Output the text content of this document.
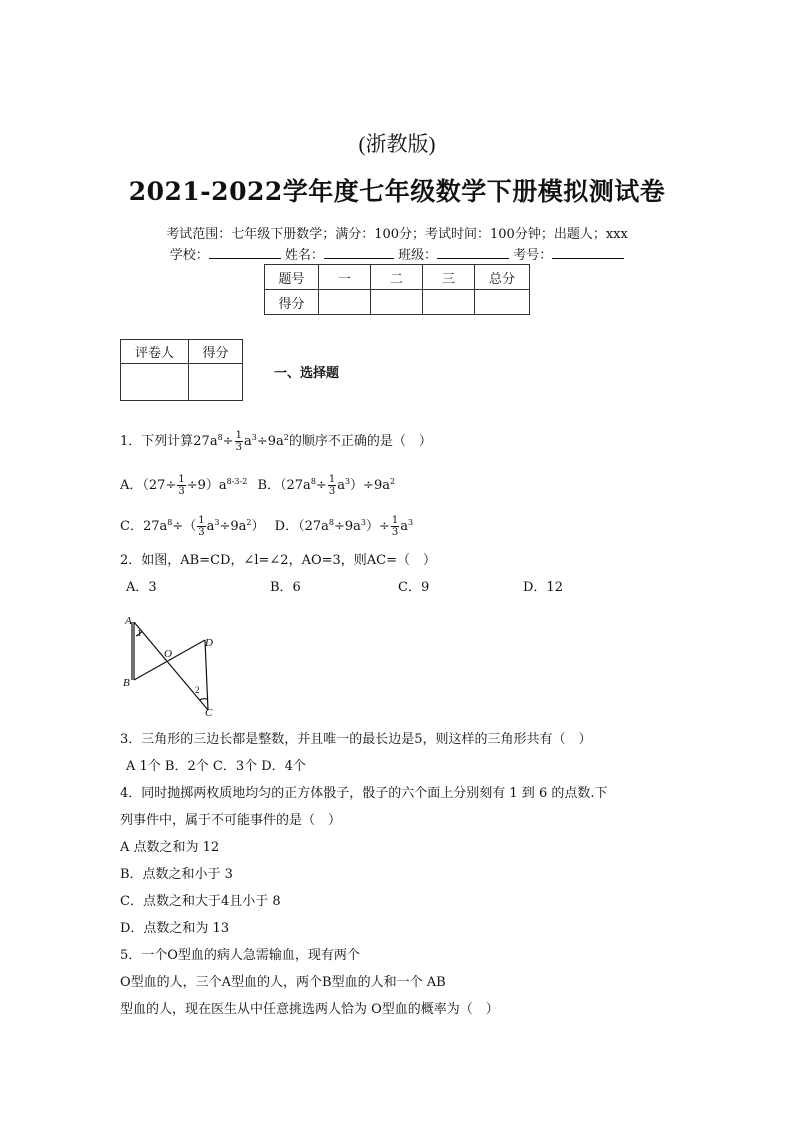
(浙教版)
2021-2022学年度七年级数学下册模拟测试卷
考试范围：七年级下册数学；满分：100分；考试时间：100分钟；出题人；xxx
学校：	姓名：	班级：	考号：
题号	一	二	三	总分
得分				
评卷人	得分

一、选择题
1．下列计算$27a^8\div \frac{1}{3} a^3\div 9a^2$的顺序不正确的是（　）
A．$(27\div \frac{1}{3} \div 9)a^{8-3-2}$ B．$(27a^8\div \frac{1}{3} a^3)\div 9a^2$
C．$27a^8\div( \frac{1}{3} a^3\div 9a^2)$ D．$(27a^8\div 9a^3)\div \frac{1}{3} a^3$
2．如图，AB=CD，∠l=∠2，AO=3，则AC=（　）
A．3	B．6	C．9	D．12
A
1
O
D
B
2
C
3．三角形的三边长都是整数，并且唯一的最长边是5，则这样的三角形共有（　）
A 1个 B．2个 C．3个 D．4个
4．同时抛掷两枚质地均匀的正方体骰子，骰子的六个面上分别刻有 1 到 6 的点数.下
列事件中，属于不可能事件的是（　）
A 点数之和为 12
B．点数之和小于 3
C．点数之和大于4且小于 8
D．点数之和为 13
5．一个O型血的病人急需输血，现有两个
O型血的人，三个A型血的人，两个B型血的人和一个 AB
型血的人，现在医生从中任意挑选两人恰为 O型血的概率为（　）
